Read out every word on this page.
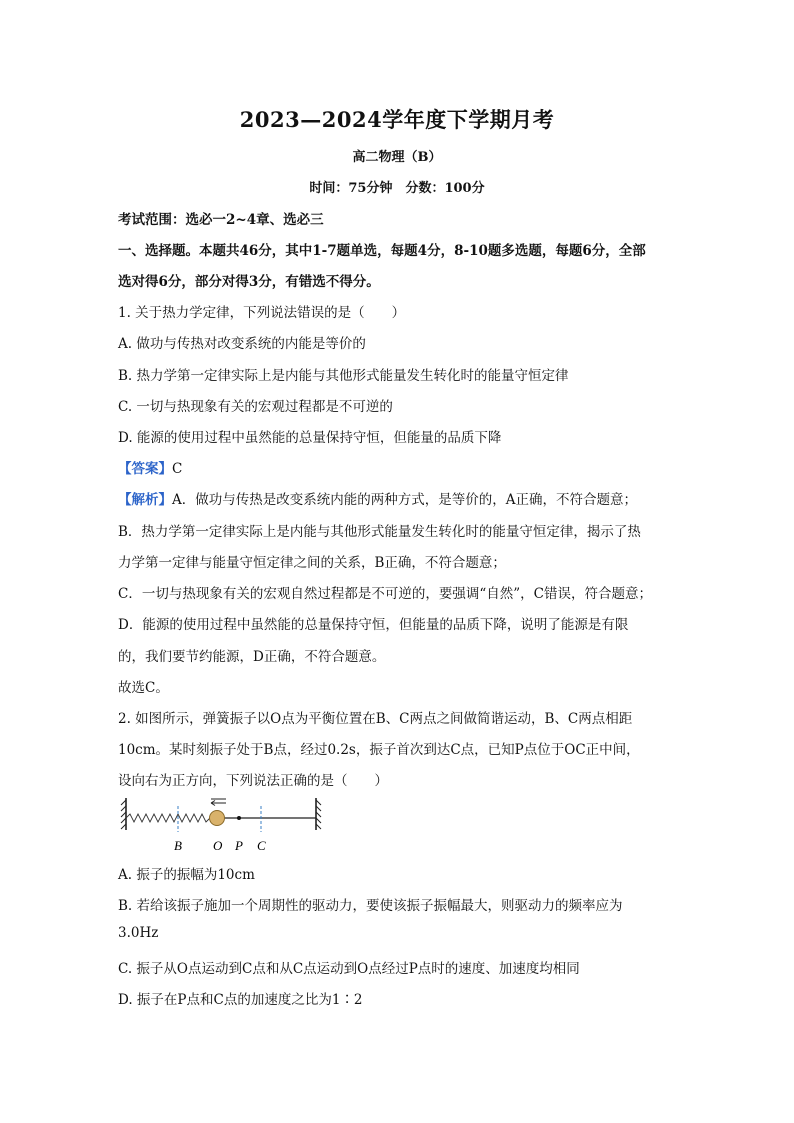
2023—2024学年度下学期月考
高二物理（B）
时间：75分钟　分数：100分
考试范围：选必一2~4章、选必三
一、选择题。本题共46分，其中1-7题单选，每题4分，8-10题多选题，每题6分，全部
选对得6分，部分对得3分，有错选不得分。
1. 关于热力学定律，下列说法错误的是（　　）
A. 做功与传热对改变系统的内能是等价的
B. 热力学第一定律实际上是内能与其他形式能量发生转化时的能量守恒定律
C. 一切与热现象有关的宏观过程都是不可逆的
D. 能源的使用过程中虽然能的总量保持守恒，但能量的品质下降
【答案】C
【解析】A．做功与传热是改变系统内能的两种方式，是等价的，A正确，不符合题意；
B．热力学第一定律实际上是内能与其他形式能量发生转化时的能量守恒定律，揭示了热
力学第一定律与能量守恒定律之间的关系，B正确，不符合题意；
C．一切与热现象有关的宏观自然过程都是不可逆的，要强调“自然”，C错误，符合题意；
D．能源的使用过程中虽然能的总量保持守恒，但能量的品质下降，说明了能源是有限
的，我们要节约能源，D正确，不符合题意。
故选C。
2. 如图所示，弹簧振子以O点为平衡位置在B、C两点之间做简谐运动，B、C两点相距
10cm。某时刻振子处于B点，经过0.2s，振子首次到达C点，已知P点位于OC正中间，
设向右为正方向，下列说法正确的是（　　）
B O P C
A. 振子的振幅为10cm
B. 若给该振子施加一个周期性的驱动力，要使该振子振幅最大，则驱动力的频率应为
3.0Hz
C. 振子从O点运动到C点和从C点运动到O点经过P点时的速度、加速度均相同
D. 振子在P点和C点的加速度之比为1∶2
